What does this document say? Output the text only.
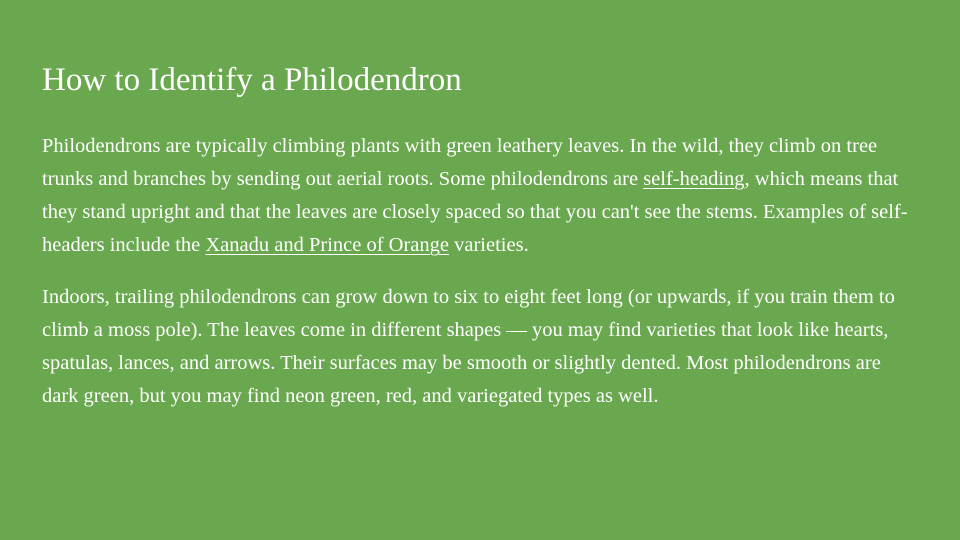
How to Identify a Philodendron

Philodendrons are typically climbing plants with green leathery leaves. In the wild, they climb on tree trunks and branches by sending out aerial roots. Some philodendrons are self-heading, which means that they stand upright and that the leaves are closely spaced so that you can't see the stems. Examples of self-headers include the Xanadu and Prince of Orange varieties.

Indoors, trailing philodendrons can grow down to six to eight feet long (or upwards, if you train them to climb a moss pole). The leaves come in different shapes — you may find varieties that look like hearts, spatulas, lances, and arrows. Their surfaces may be smooth or slightly dented. Most philodendrons are dark green, but you may find neon green, red, and variegated types as well.
